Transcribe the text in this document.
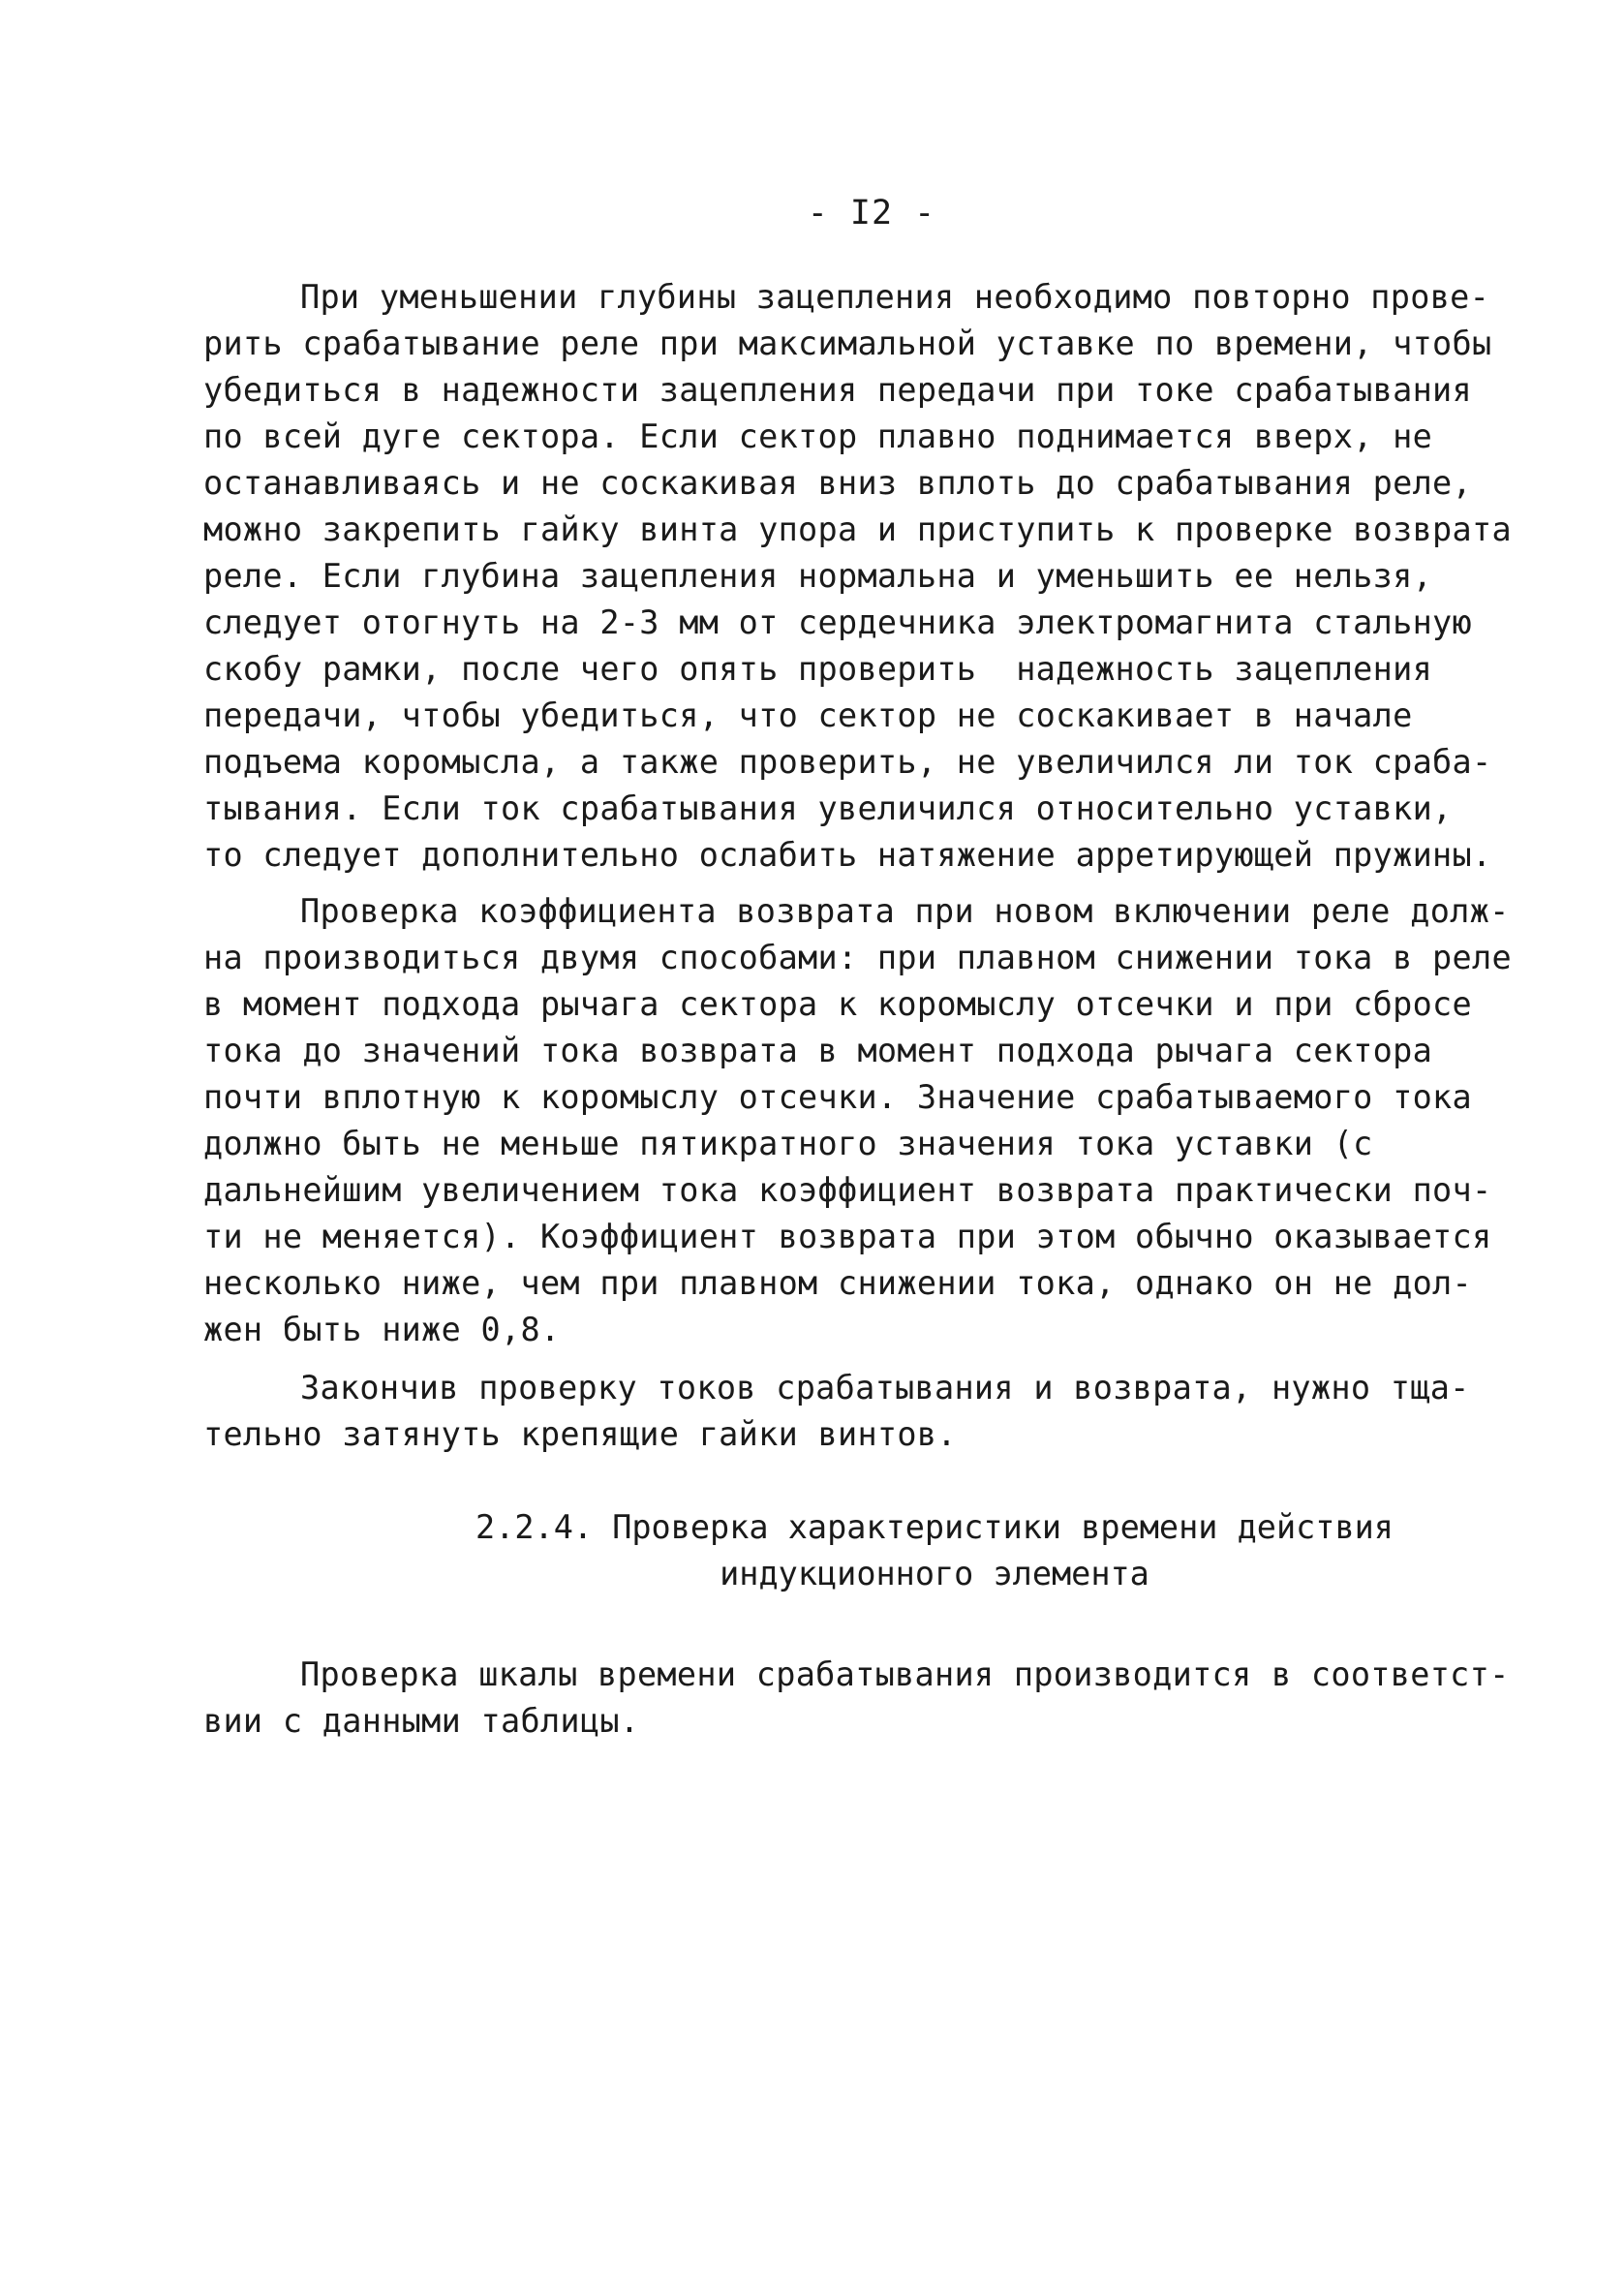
- I2 -
При уменьшении глубины зацепления необходимо повторно прове-
рить срабатывание реле при максимальной уставке по времени, чтобы
убедиться в надежности зацепления передачи при токе срабатывания
по всей дуге сектора. Если сектор плавно поднимается вверх, не
останавливаясь и не соскакивая вниз вплоть до срабатывания реле,
можно закрепить гайку винта упора и приступить к проверке возврата
реле. Если глубина зацепления нормальна и уменьшить ее нельзя,
следует отогнуть на 2-3 мм от сердечника электромагнита стальную
скобу рамки, после чего опять проверить  надежность зацепления
передачи, чтобы убедиться, что сектор не соскакивает в начале
подъема коромысла, а также проверить, не увеличился ли ток сраба-
тывания. Если ток срабатывания увеличился относительно уставки,
то следует дополнительно ослабить натяжение арретирующей пружины.
Проверка коэффициента возврата при новом включении реле долж-
на производиться двумя способами: при плавном снижении тока в реле
в момент подхода рычага сектора к коромыслу отсечки и при сбросе
тока до значений тока возврата в момент подхода рычага сектора
почти вплотную к коромыслу отсечки. Значение срабатываемого тока
должно быть не меньше пятикратного значения тока уставки (с
дальнейшим увеличением тока коэффициент возврата практически поч-
ти не меняется). Коэффициент возврата при этом обычно оказывается
несколько ниже, чем при плавном снижении тока, однако он не дол-
жен быть ниже 0,8.
Закончив проверку токов срабатывания и возврата, нужно тща-
тельно затянуть крепящие гайки винтов.
2.2.4. Проверка характеристики времени действия
индукционного элемента
Проверка шкалы времени срабатывания производится в соответст-
вии с данными таблицы.
